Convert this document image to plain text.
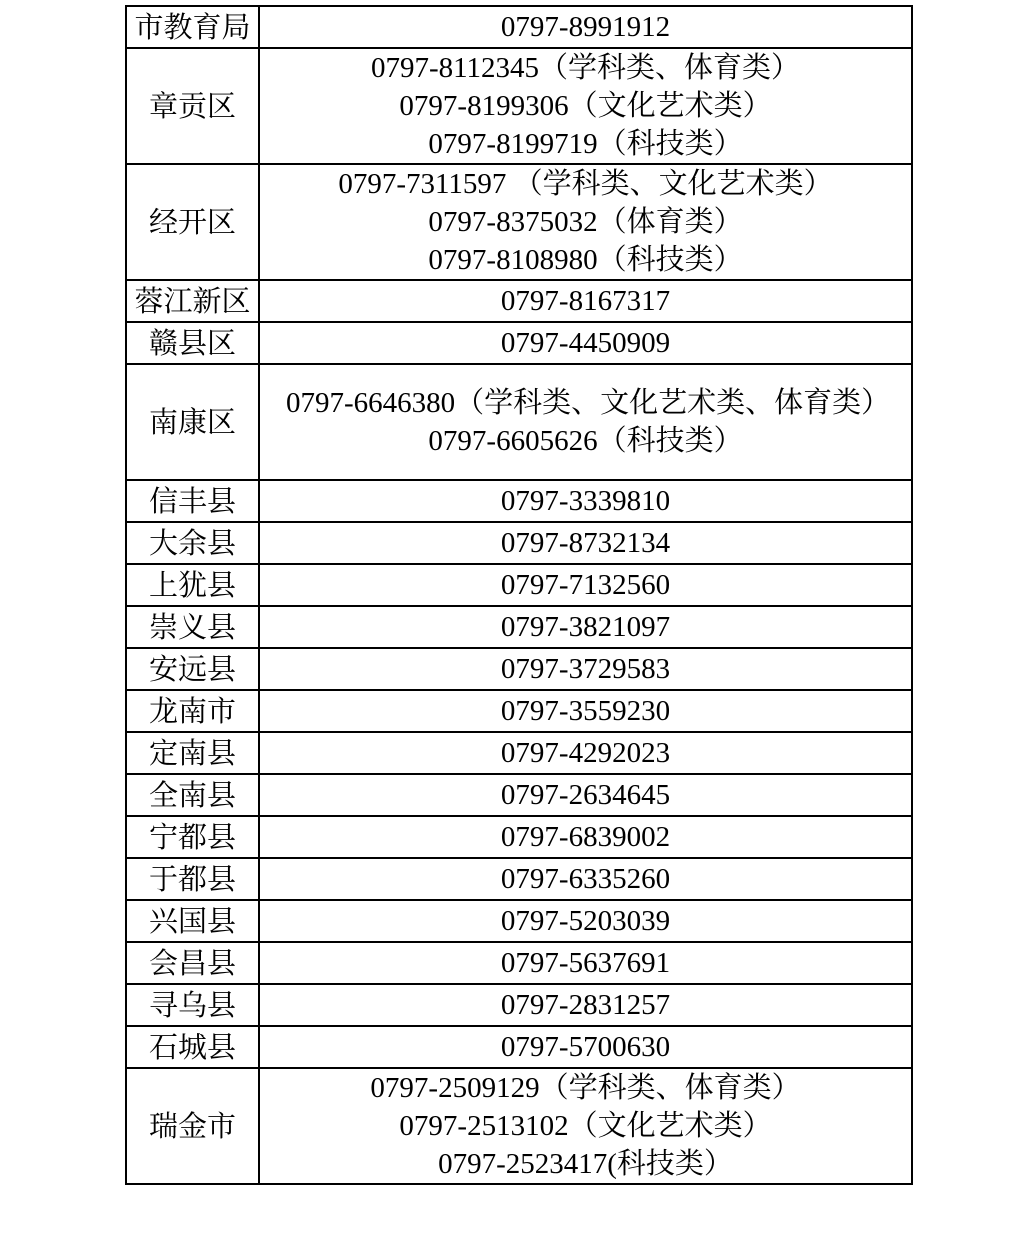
市教育局	0797-8991912

章贡区	0797-8112345（学科类、体育类）
0797-8199306（文化艺术类）
0797-8199719（科技类）

经开区	0797-7311597 （学科类、文化艺术类）
0797-8375032（体育类）
0797-8108980（科技类）

蓉江新区	0797-8167317

赣县区	0797-4450909

南康区	0797-6646380（学科类、文化艺术类、体育类）
0797-6605626（科技类）

信丰县	0797-3339810

大余县	0797-8732134

上犹县	0797-7132560

崇义县	0797-3821097

安远县	0797-3729583

龙南市	0797-3559230

定南县	0797-4292023

全南县	0797-2634645

宁都县	0797-6839002

于都县	0797-6335260

兴国县	0797-5203039

会昌县	0797-5637691

寻乌县	0797-2831257

石城县	0797-5700630

瑞金市	0797-2509129（学科类、体育类）
0797-2513102（文化艺术类）
0797-2523417(科技类）
